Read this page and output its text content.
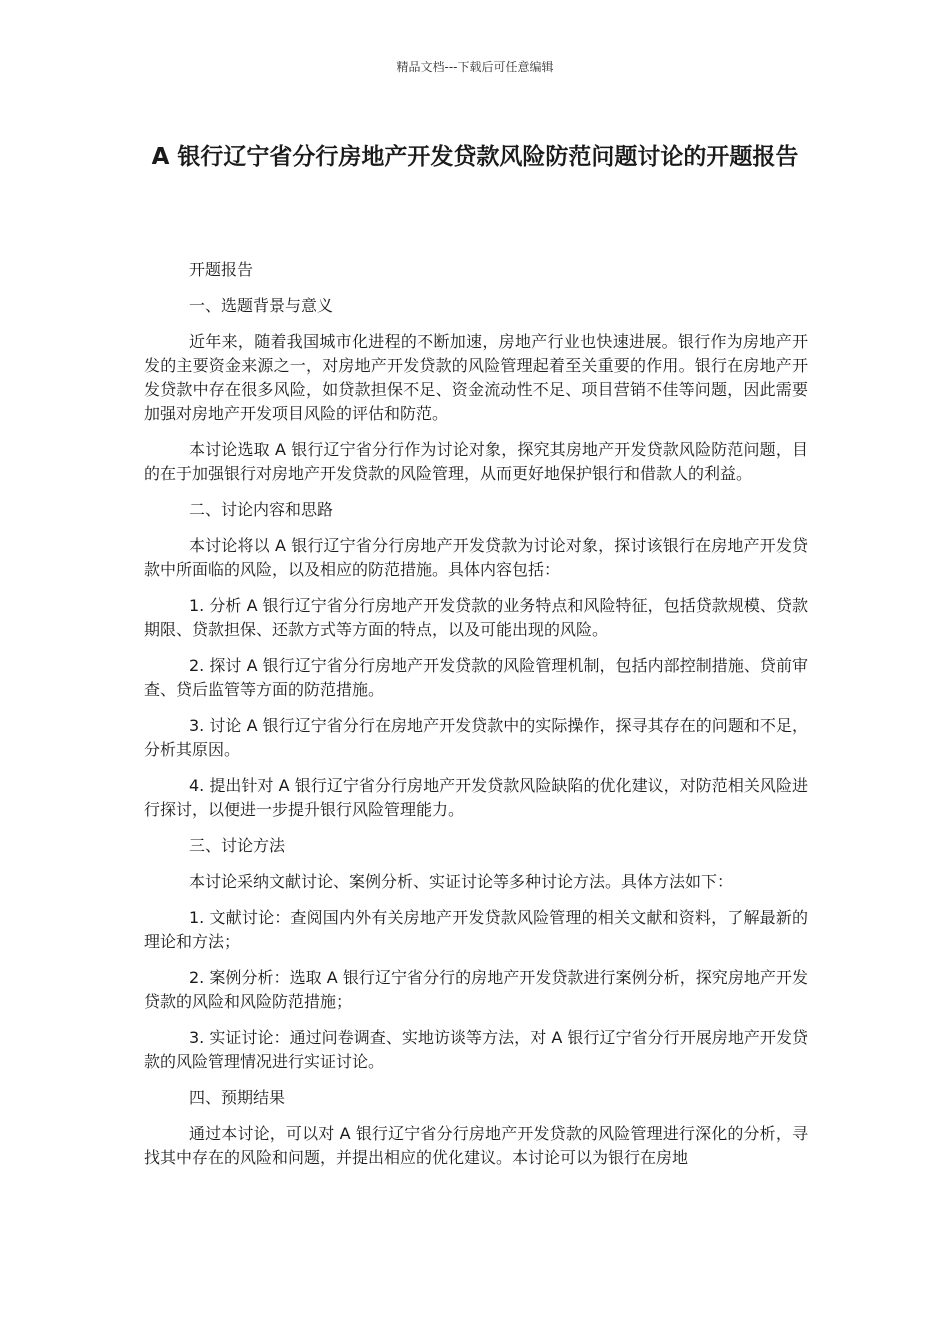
精品文档---下载后可任意编辑
A 银行辽宁省分行房地产开发贷款风险防范问题讨论的开题报告

开题报告

一、选题背景与意义

近年来，随着我国城市化进程的不断加速，房地产行业也快速进展。银行作为房地产开发的主要资金来源之一，对房地产开发贷款的风险管理起着至关重要的作用。银行在房地产开发贷款中存在很多风险，如贷款担保不足、资金流动性不足、项目营销不佳等问题，因此需要加强对房地产开发项目风险的评估和防范。

本讨论选取 A 银行辽宁省分行作为讨论对象，探究其房地产开发贷款风险防范问题，目的在于加强银行对房地产开发贷款的风险管理，从而更好地保护银行和借款人的利益。

二、讨论内容和思路

本讨论将以 A 银行辽宁省分行房地产开发贷款为讨论对象，探讨该银行在房地产开发贷款中所面临的风险，以及相应的防范措施。具体内容包括：

1. 分析 A 银行辽宁省分行房地产开发贷款的业务特点和风险特征，包括贷款规模、贷款期限、贷款担保、还款方式等方面的特点，以及可能出现的风险。

2. 探讨 A 银行辽宁省分行房地产开发贷款的风险管理机制，包括内部控制措施、贷前审查、贷后监管等方面的防范措施。

3. 讨论 A 银行辽宁省分行在房地产开发贷款中的实际操作，探寻其存在的问题和不足，分析其原因。

4. 提出针对 A 银行辽宁省分行房地产开发贷款风险缺陷的优化建议，对防范相关风险进行探讨，以便进一步提升银行风险管理能力。

三、讨论方法

本讨论采纳文献讨论、案例分析、实证讨论等多种讨论方法。具体方法如下：

1. 文献讨论：查阅国内外有关房地产开发贷款风险管理的相关文献和资料，了解最新的理论和方法；

2. 案例分析：选取 A 银行辽宁省分行的房地产开发贷款进行案例分析，探究房地产开发贷款的风险和风险防范措施；

3. 实证讨论：通过问卷调查、实地访谈等方法，对 A 银行辽宁省分行开展房地产开发贷款的风险管理情况进行实证讨论。

四、预期结果

通过本讨论，可以对 A 银行辽宁省分行房地产开发贷款的风险管理进行深化的分析，寻找其中存在的风险和问题，并提出相应的优化建议。本讨论可以为银行在房地
